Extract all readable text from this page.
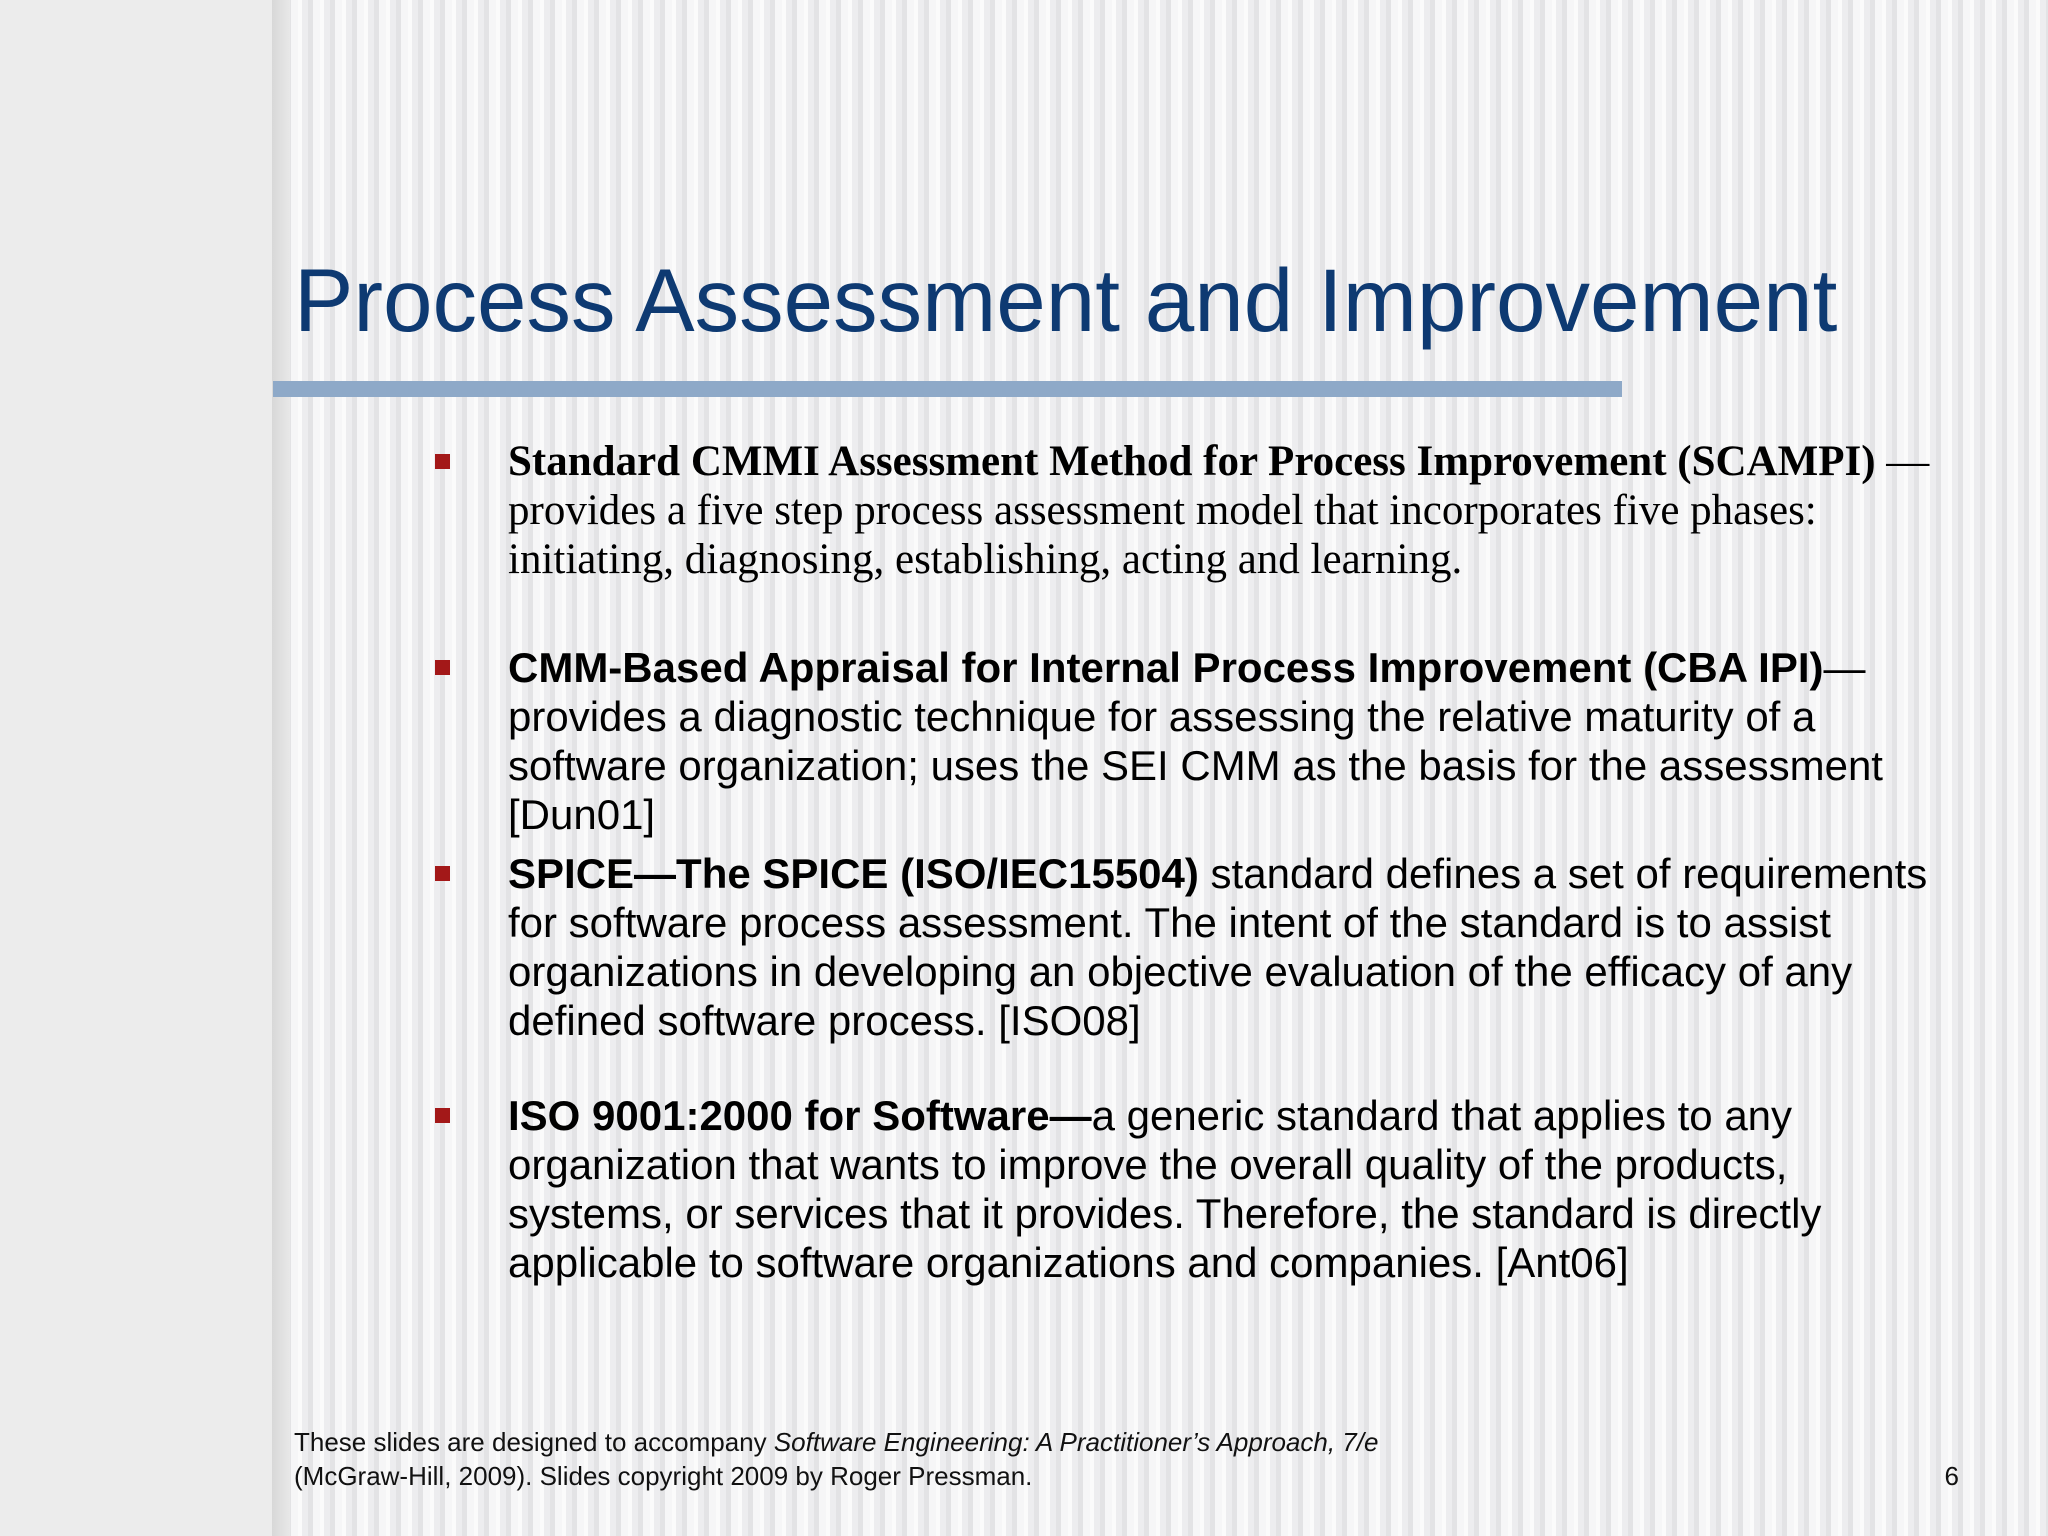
Process Assessment and Improvement
Standard CMMI Assessment Method for Process Improvement (SCAMPI) — provides a five step process assessment model that incorporates five phases: initiating, diagnosing, establishing, acting and learning.
CMM-Based Appraisal for Internal Process Improvement (CBA IPI)—provides a diagnostic technique for assessing the relative maturity of a software organization; uses the SEI CMM as the basis for the assessment [Dun01]
SPICE—The SPICE (ISO/IEC15504) standard defines a set of requirements for software process assessment. The intent of the standard is to assist organizations in developing an objective evaluation of the efficacy of any defined software process. [ISO08]
ISO 9001:2000 for Software—a generic standard that applies to any organization that wants to improve the overall quality of the products, systems, or services that it provides. Therefore, the standard is directly applicable to software organizations and companies. [Ant06]
These slides are designed to accompany Software Engineering: A Practitioner’s Approach, 7/e
(McGraw-Hill, 2009). Slides copyright 2009 by Roger Pressman.	6
